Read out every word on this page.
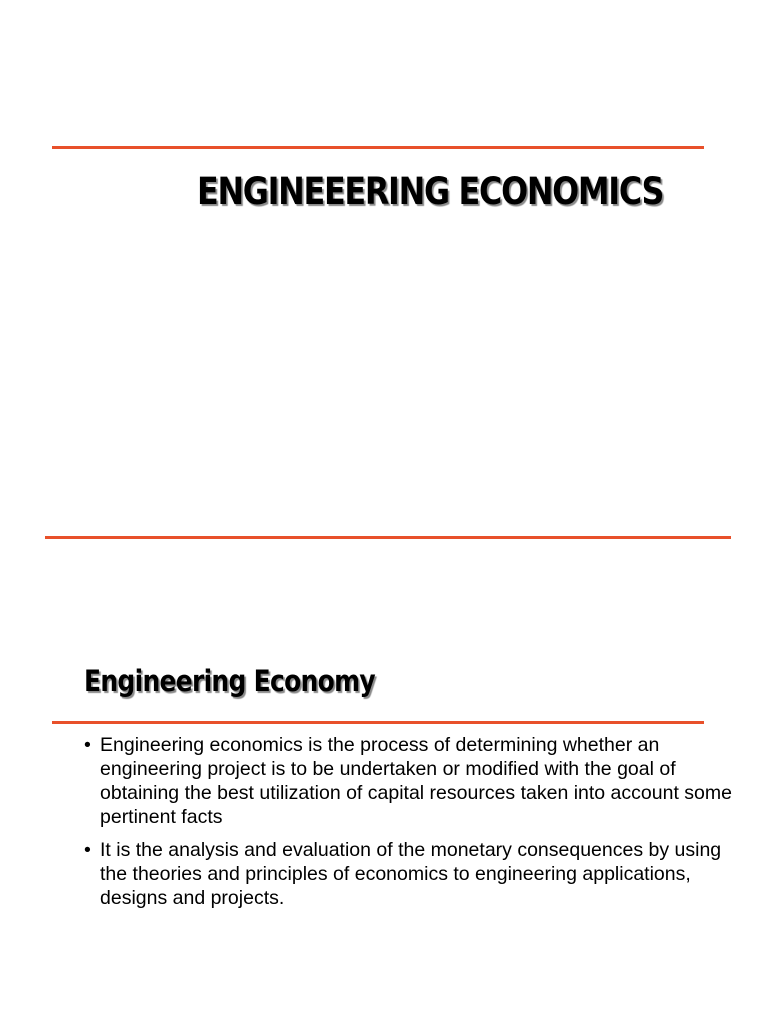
ENGINEEERING ECONOMICS
Engineering Economy
• Engineering economics is the process of determining whether an engineering project is to be undertaken or modified with the goal of obtaining the best utilization of capital resources taken into account some pertinent facts
• It is the analysis and evaluation of the monetary consequences by using the theories and principles of economics to engineering applications, designs and projects.
